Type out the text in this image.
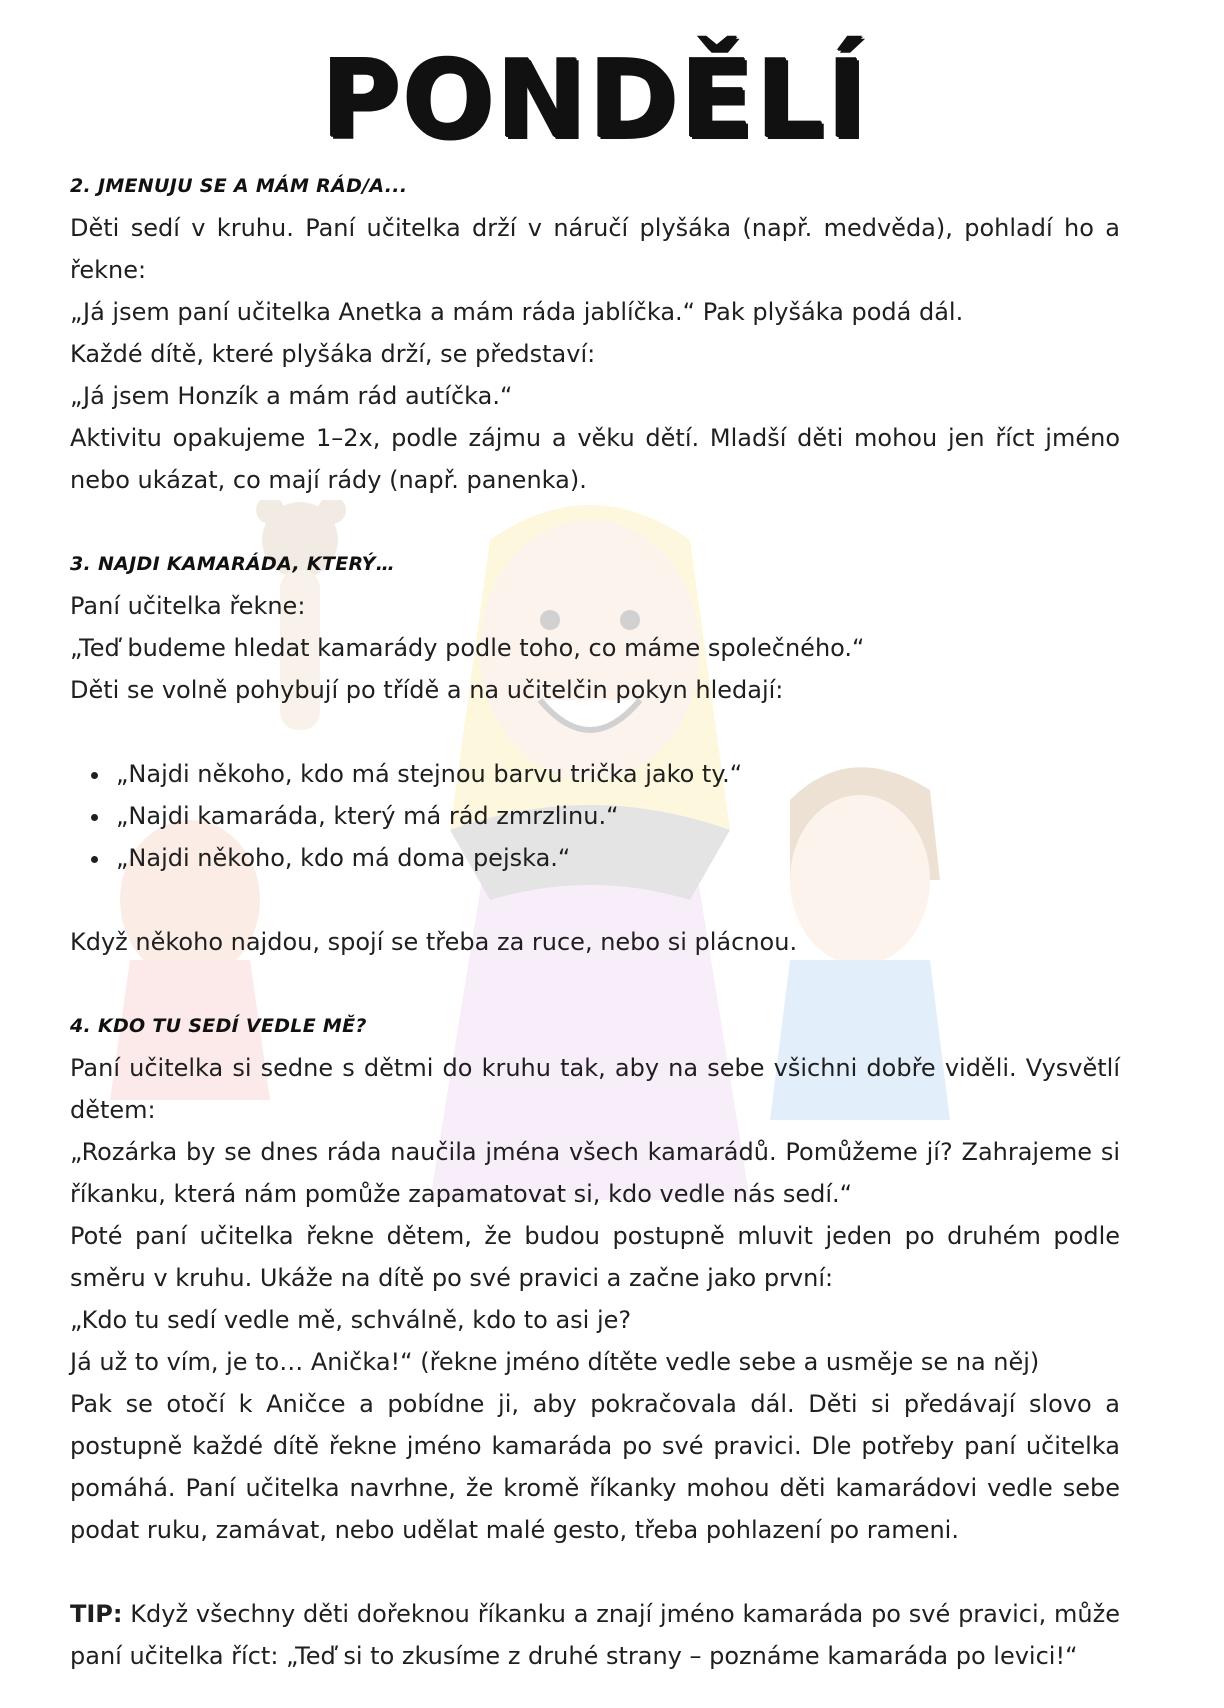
PONDĚLÍ
2. JMENUJU SE A MÁM RÁD/A...

Děti sedí v kruhu. Paní učitelka drží v náručí plyšáka (např. medvěda), pohladí ho a řekne:

„Já jsem paní učitelka Anetka a mám ráda jablíčka.“ Pak plyšáka podá dál.

Každé dítě, které plyšáka drží, se představí:

„Já jsem Honzík a mám rád autíčka.“

Aktivitu opakujeme 1–2x, podle zájmu a věku dětí. Mladší děti mohou jen říct jméno nebo ukázat, co mají rády (např. panenka).

3. NAJDI KAMARÁDA, KTERÝ…

Paní učitelka řekne:

„Teď budeme hledat kamarády podle toho, co máme společného.“

Děti se volně pohybují po třídě a na učitelčin pokyn hledají:

• „Najdi někoho, kdo má stejnou barvu trička jako ty.“
• „Najdi kamaráda, který má rád zmrzlinu.“
• „Najdi někoho, kdo má doma pejska.“

Když někoho najdou, spojí se třeba za ruce, nebo si plácnou.

4. KDO TU SEDÍ VEDLE MĚ?

Paní učitelka si sedne s dětmi do kruhu tak, aby na sebe všichni dobře viděli. Vysvětlí dětem:

„Rozárka by se dnes ráda naučila jména všech kamarádů. Pomůžeme jí? Zahrajeme si říkanku, která nám pomůže zapamatovat si, kdo vedle nás sedí.“

Poté paní učitelka řekne dětem, že budou postupně mluvit jeden po druhém podle směru v kruhu. Ukáže na dítě po své pravici a začne jako první:

„Kdo tu sedí vedle mě, schválně, kdo to asi je?

Já už to vím, je to… Anička!“ (řekne jméno dítěte vedle sebe a usměje se na něj)

Pak se otočí k Aničce a pobídne ji, aby pokračovala dál. Děti si předávají slovo a postupně každé dítě řekne jméno kamaráda po své pravici. Dle potřeby paní učitelka pomáhá. Paní učitelka navrhne, že kromě říkanky mohou děti kamarádovi vedle sebe podat ruku, zamávat, nebo udělat malé gesto, třeba pohlazení po rameni.

TIP: Když všechny děti dořeknou říkanku a znají jméno kamaráda po své pravici, může paní učitelka říct: „Teď si to zkusíme z druhé strany – poznáme kamaráda po levici!“
